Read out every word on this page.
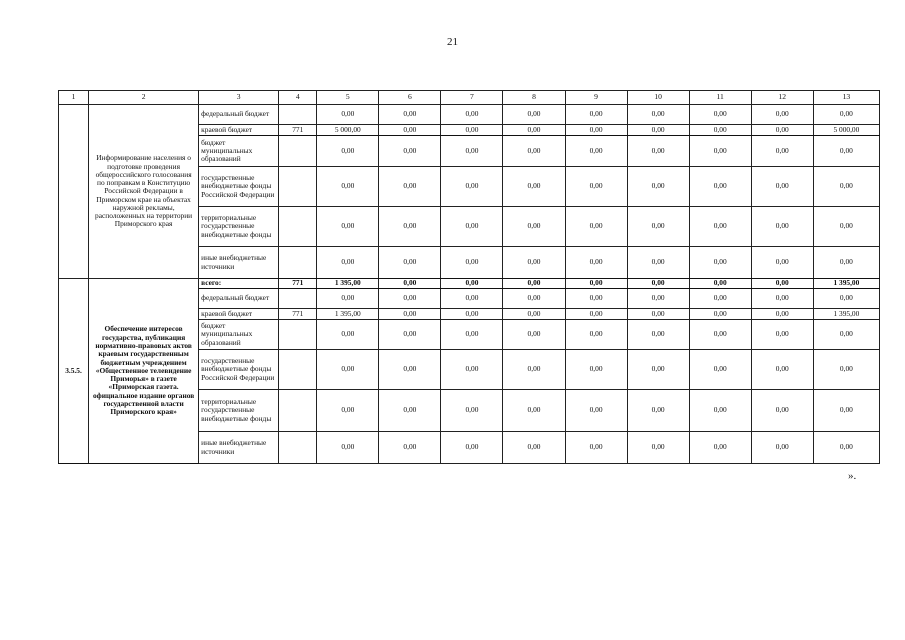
21
1	2	3	4	5	6	7	8	9	10	11	12	13
	Информирование населения о подготовке проведения общероссийского голосования по поправкам в Конституцию Российской Федерации в Приморском крае на объектах наружной рекламы, расположенных на территории Приморского края	федеральный бюджет		0,00	0,00	0,00	0,00	0,00	0,00	0,00	0,00	0,00
		краевой бюджет	771	5 000,00	0,00	0,00	0,00	0,00	0,00	0,00	0,00	5 000,00
		бюджет муниципальных образований		0,00	0,00	0,00	0,00	0,00	0,00	0,00	0,00	0,00
		государственные внебюджетные фонды Российской Федерации		0,00	0,00	0,00	0,00	0,00	0,00	0,00	0,00	0,00
		территориальные государственные внебюджетные фонды		0,00	0,00	0,00	0,00	0,00	0,00	0,00	0,00	0,00
		иные внебюджетные источники		0,00	0,00	0,00	0,00	0,00	0,00	0,00	0,00	0,00
3.5.5.	Обеспечение интересов государства, публикация нормативно-правовых актов краевым государственным бюджетным учреждением «Общественное телевидение Приморья» в газете «Приморская газета. официальное издание органов государственной власти Приморского края»	всего:	771	1 395,00	0,00	0,00	0,00	0,00	0,00	0,00	0,00	1 395,00
		федеральный бюджет		0,00	0,00	0,00	0,00	0,00	0,00	0,00	0,00	0,00
		краевой бюджет	771	1 395,00	0,00	0,00	0,00	0,00	0,00	0,00	0,00	1 395,00
		бюджет муниципальных образований		0,00	0,00	0,00	0,00	0,00	0,00	0,00	0,00	0,00
		государственные внебюджетные фонды Российской Федерации		0,00	0,00	0,00	0,00	0,00	0,00	0,00	0,00	0,00
		территориальные государственные внебюджетные фонды		0,00	0,00	0,00	0,00	0,00	0,00	0,00	0,00	0,00
		иные внебюджетные источники		0,00	0,00	0,00	0,00	0,00	0,00	0,00	0,00	0,00
».
